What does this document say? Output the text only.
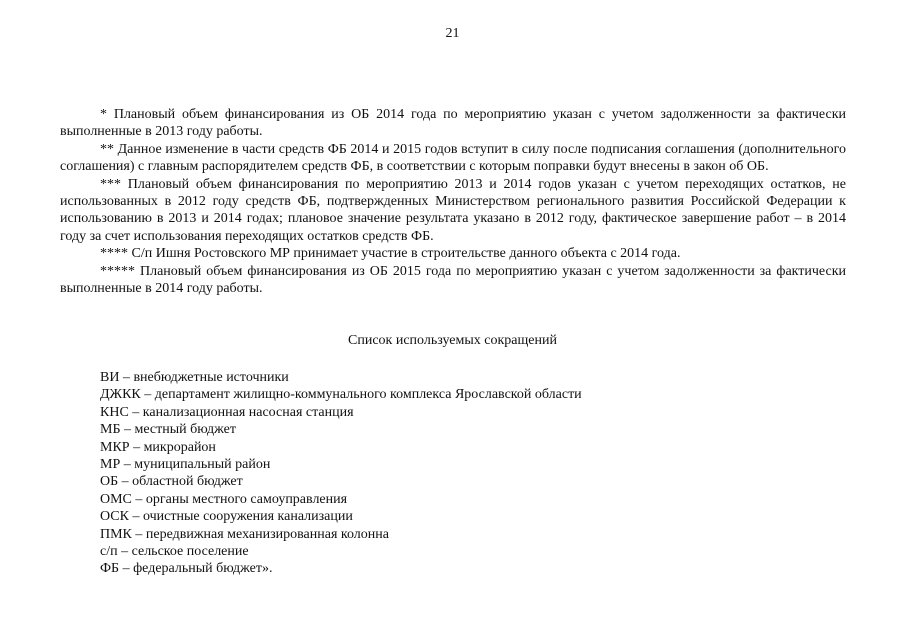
21

* Плановый объем финансирования из ОБ 2014 года по мероприятию указан с учетом задолженности за фактически выполненные в 2013 году работы.

** Данное изменение в части средств ФБ 2014 и 2015 годов вступит в силу после подписания соглашения (дополнительного соглашения) с главным распорядителем средств ФБ, в соответствии с которым поправки будут внесены в закон об ОБ.

*** Плановый объем финансирования по мероприятию 2013 и 2014 годов указан с учетом переходящих остатков, не использованных в 2012 году средств ФБ, подтвержденных Министерством регионального развития Российской Федерации к использованию в 2013 и 2014 годах; плановое значение результата указано в 2012 году, фактическое завершение работ – в 2014 году за счет использования переходящих остатков средств ФБ.

**** С/п Ишня Ростовского МР принимает участие в строительстве данного объекта с 2014 года.

***** Плановый объем финансирования из ОБ 2015 года по мероприятию указан с учетом задолженности за фактически выполненные в 2014 году работы.

Список используемых сокращений
ВИ – внебюджетные источники
ДЖКК – департамент жилищно-коммунального комплекса Ярославской области
КНС – канализационная насосная станция
МБ – местный бюджет
МКР – микрорайон
МР – муниципальный район
ОБ – областной бюджет
ОМС – органы местного самоуправления
ОСК – очистные сооружения канализации
ПМК – передвижная механизированная колонна
с/п – сельское поселение
ФБ – федеральный бюджет».
